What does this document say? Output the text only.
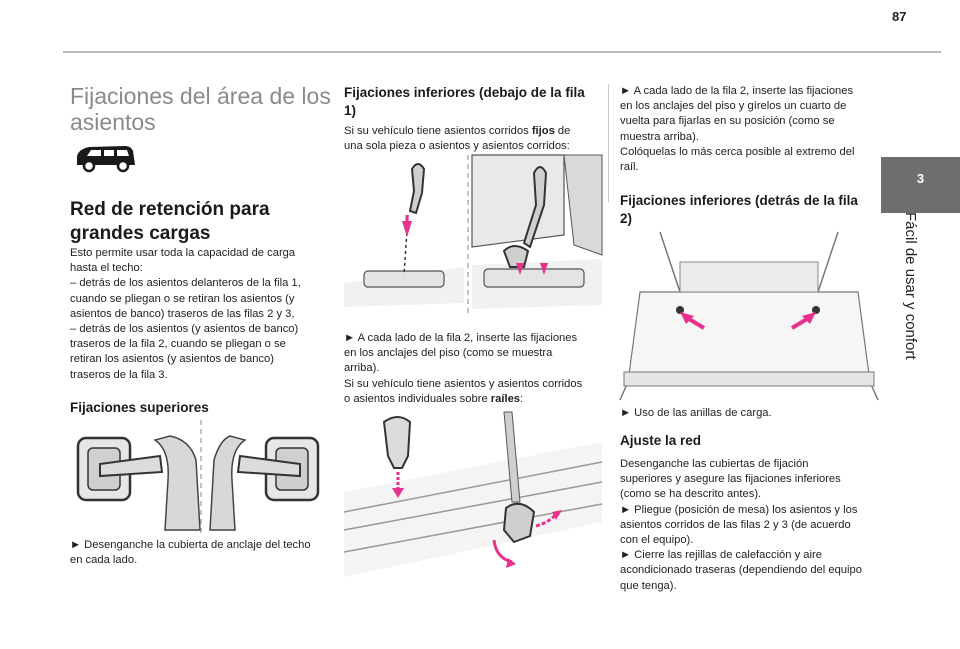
87
3
Fácil de usar y confort
Fijaciones del área de los asientos
Red de retención para grandes cargas
Esto permite usar toda la capacidad de carga
hasta el techo:
– detrás de los asientos delanteros de la fila 1,
cuando se pliegan o se retiran los asientos (y
asientos de banco) traseros de las filas 2 y 3,
– detrás de los asientos (y asientos de banco)
traseros de la fila 2, cuando se pliegan o se
retiran los asientos (y asientos de banco)
traseros de la fila 3.
Fijaciones superiores
► Desenganche la cubierta de anclaje del techo
en cada lado.
Fijaciones inferiores (debajo de la fila 1)
Si su vehículo tiene asientos corridos fijos de
una sola pieza o asientos y asientos corridos:
► A cada lado de la fila 2, inserte las fijaciones
en los anclajes del piso (como se muestra
arriba).
Si su vehículo tiene asientos y asientos corridos
o asientos individuales sobre raíles:
► A cada lado de la fila 2, inserte las fijaciones
en los anclajes del piso y gírelos un cuarto de
vuelta para fijarlas en su posición (como se
muestra arriba).
Colóquelas lo más cerca posible al extremo del
raíl.
Fijaciones inferiores (detrás de la fila 2)
► Uso de las anillas de carga.
Ajuste la red
Desenganche las cubiertas de fijación
superiores y asegure las fijaciones inferiores
(como se ha descrito antes).
► Pliegue (posición de mesa) los asientos y los
asientos corridos de las filas 2 y 3 (de acuerdo
con el equipo).
► Cierre las rejillas de calefacción y aire
acondicionado traseras (dependiendo del equipo
que tenga).
